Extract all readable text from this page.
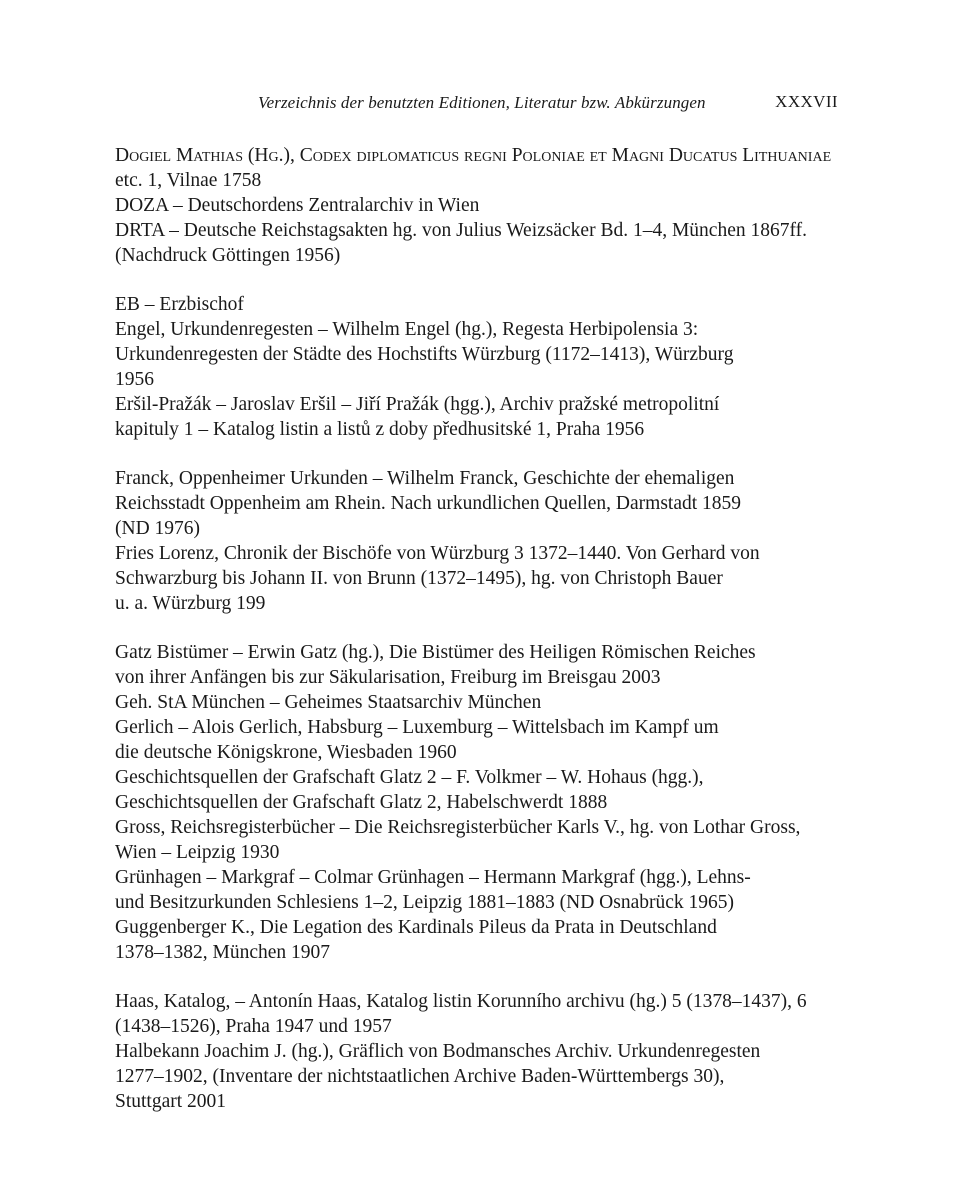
Verzeichnis der benutzten Editionen, Literatur bzw. Abkürzungen	XXXVII

Dogiel Mathias (Hg.), Codex diplomaticus regni Poloniae et Magni Ducatus Lithuaniae
etc. 1, Vilnae 1758

DOZA – Deutschordens Zentralarchiv in Wien

DRTA – Deutsche Reichstagsakten hg. von Julius Weizsäcker Bd. 1–4, München 1867ff.
(Nachdruck Göttingen 1956)

EB – Erzbischof

Engel, Urkundenregesten – Wilhelm Engel (hg.), Regesta Herbipolensia 3:
Urkundenregesten der Städte des Hochstifts Würzburg (1172–1413), Würzburg
1956

Eršil-Pražák – Jaroslav Eršil – Jiří Pražák (hgg.), Archiv pražské metropolitní
kapituly 1 – Katalog listin a listů z doby předhusitské 1, Praha 1956

Franck, Oppenheimer Urkunden – Wilhelm Franck, Geschichte der ehemaligen
Reichsstadt Oppenheim am Rhein. Nach urkundlichen Quellen, Darmstadt 1859
(ND 1976)

Fries Lorenz, Chronik der Bischöfe von Würzburg 3 1372–1440. Von Gerhard von
Schwarzburg bis Johann II. von Brunn (1372–1495), hg. von Christoph Bauer
u. a. Würzburg 199

Gatz Bistümer – Erwin Gatz (hg.), Die Bistümer des Heiligen Römischen Reiches
von ihrer Anfängen bis zur Säkularisation, Freiburg im Breisgau 2003

Geh. StA München – Geheimes Staatsarchiv München

Gerlich – Alois Gerlich, Habsburg – Luxemburg – Wittelsbach im Kampf um
die deutsche Königskrone, Wiesbaden 1960

Geschichtsquellen der Grafschaft Glatz 2 – F. Volkmer – W. Hohaus (hgg.),
Geschichtsquellen der Grafschaft Glatz 2, Habelschwerdt 1888

Gross, Reichsregisterbücher – Die Reichsregisterbücher Karls V., hg. von Lothar Gross,
Wien – Leipzig 1930

Grünhagen – Markgraf – Colmar Grünhagen – Hermann Markgraf (hgg.), Lehns-
und Besitzurkunden Schlesiens 1–2, Leipzig 1881–1883 (ND Osnabrück 1965)

Guggenberger K., Die Legation des Kardinals Pileus da Prata in Deutschland
1378–1382, München 1907

Haas, Katalog, – Antonín Haas, Katalog listin Korunního archivu (hg.) 5 (1378–1437), 6
(1438–1526), Praha 1947 und 1957

Halbekann Joachim J. (hg.), Gräflich von Bodmansches Archiv. Urkundenregesten
1277–1902, (Inventare der nichtstaatlichen Archive Baden-Württembergs 30),
Stuttgart 2001
